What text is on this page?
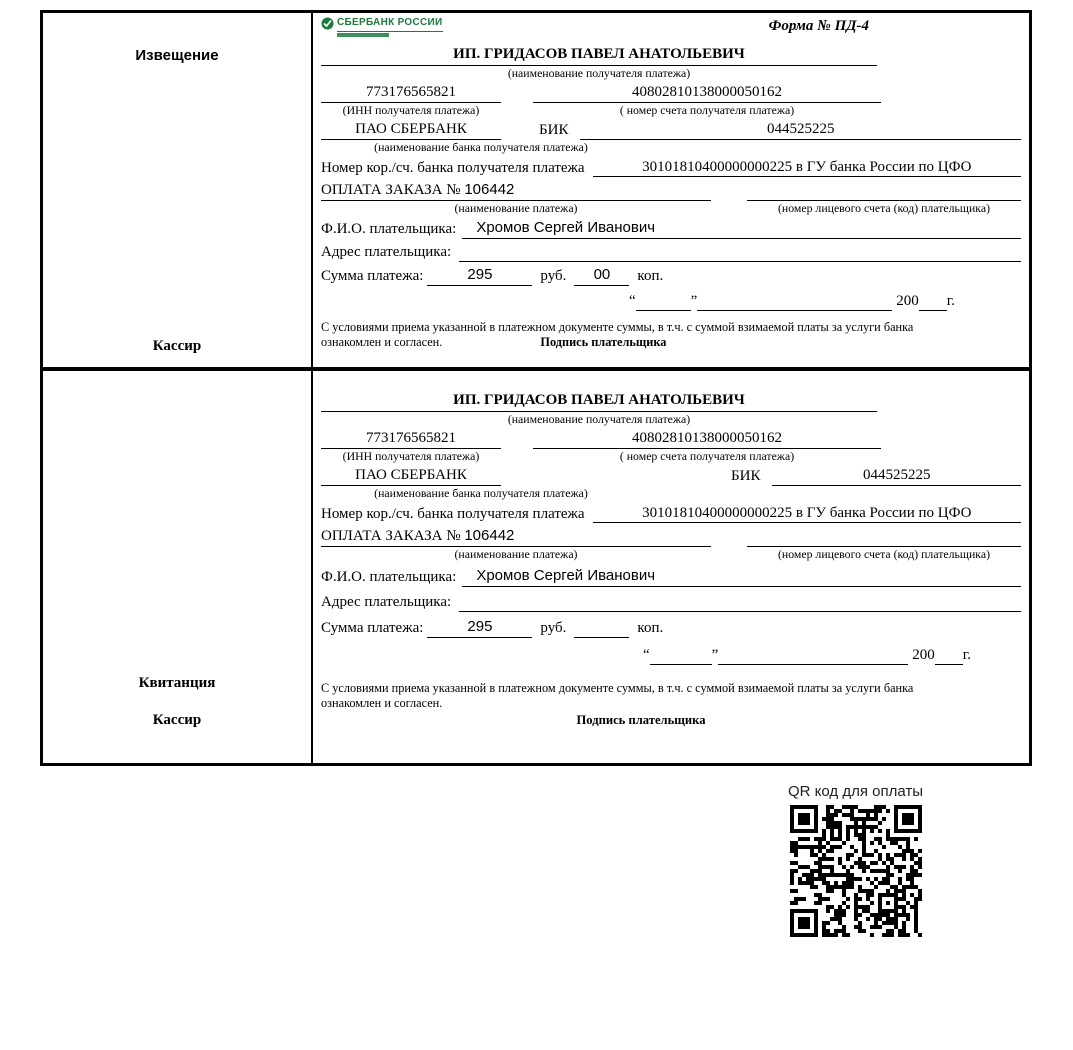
Извещение
Кассир
СБЕРБАНК РОССИИ	Форма № ПД-4
ИП. ГРИДАСОВ ПАВЕЛ АНАТОЛЬЕВИЧ
(наименование получателя платежа)
773176565821	40802810138000050162
(ИНН получателя платежа)	( номер счета получателя платежа)
ПАО СБЕРБАНК	БИК	044525225
(наименование банка получателя платежа)
Номер кор./сч. банка получателя платежа	30101810400000000225 в ГУ банка России по ЦФО
ОПЛАТА ЗАКАЗА № 106442
(наименование платежа)	(номер лицевого счета (код) плательщика)
Ф.И.О. плательщика:	Хромов Сергей Иванович
Адрес плательщика:
Сумма платежа:	295	руб.	00	коп.
“	”	200 г.
С условиями приема указанной в платежном документе суммы, в т.ч. с суммой взимаемой платы за услуги банка
ознакомлен и согласен.	Подпись плательщика
Квитанция
Кассир
ИП. ГРИДАСОВ ПАВЕЛ АНАТОЛЬЕВИЧ
(наименование получателя платежа)
773176565821	40802810138000050162
(ИНН получателя платежа)	( номер счета получателя платежа)
ПАО СБЕРБАНК	БИК	044525225
(наименование банка получателя платежа)
Номер кор./сч. банка получателя платежа	30101810400000000225 в ГУ банка России по ЦФО
ОПЛАТА ЗАКАЗА № 106442
(наименование платежа)	(номер лицевого счета (код) плательщика)
Ф.И.О. плательщика:	Хромов Сергей Иванович
Адрес плательщика:
Сумма платежа:	295	руб.	коп.
“	”	200 г.
С условиями приема указанной в платежном документе суммы, в т.ч. с суммой взимаемой платы за услуги банка
ознакомлен и согласен.
Подпись плательщика
QR код для оплаты
